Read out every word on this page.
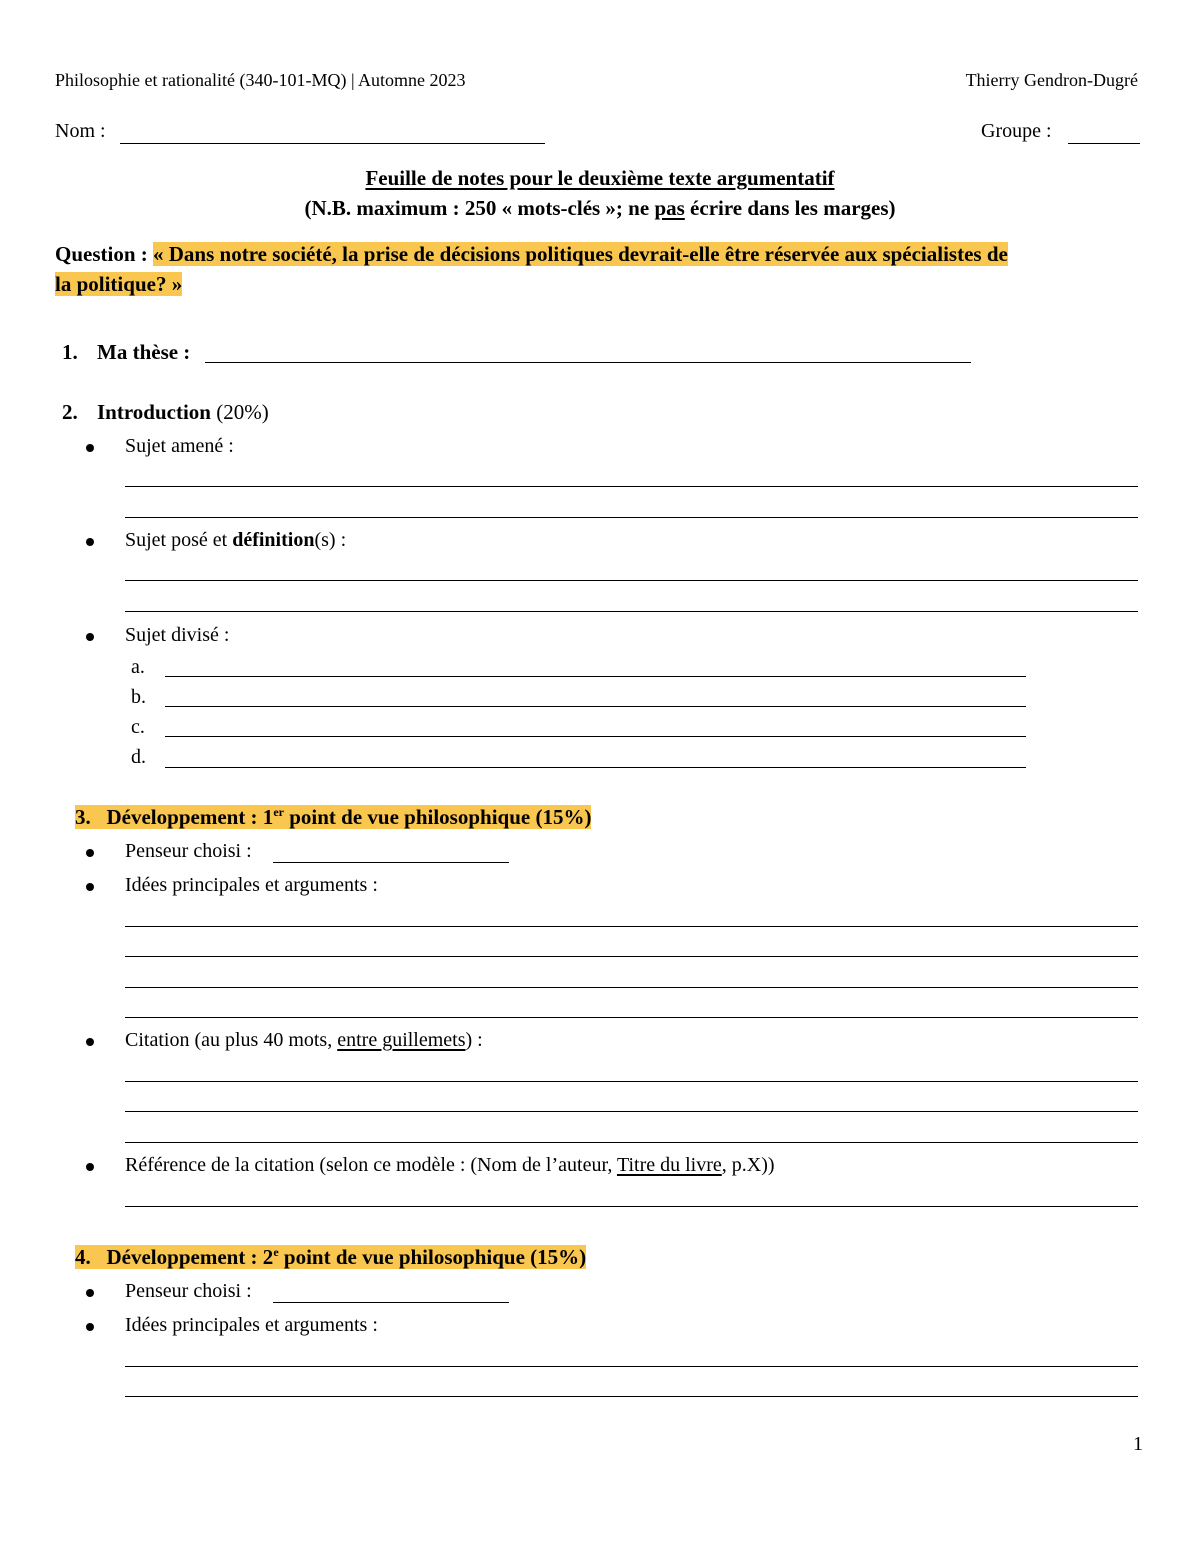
Philosophie et rationalité (340-101-MQ) | Automne 2023	Thierry Gendron-Dugré
Nom :	Groupe :
Feuille de notes pour le deuxième texte argumentatif
(N.B. maximum : 250 « mots-clés »; ne pas écrire dans les marges)
Question : « Dans notre société, la prise de décisions politiques devrait-elle être réservée aux spécialistes de
la politique? »
1. Ma thèse :
2. Introduction (20%)
Sujet amené :
Sujet posé et définition(s) :
Sujet divisé :
a.
b.
c.
d.
3. Développement : 1er point de vue philosophique (15%)
Penseur choisi :
Idées principales et arguments :
Citation (au plus 40 mots, entre guillemets) :
Référence de la citation (selon ce modèle : (Nom de l’auteur, Titre du livre, p.X))
4. Développement : 2e point de vue philosophique (15%)
Penseur choisi :
Idées principales et arguments :
1
